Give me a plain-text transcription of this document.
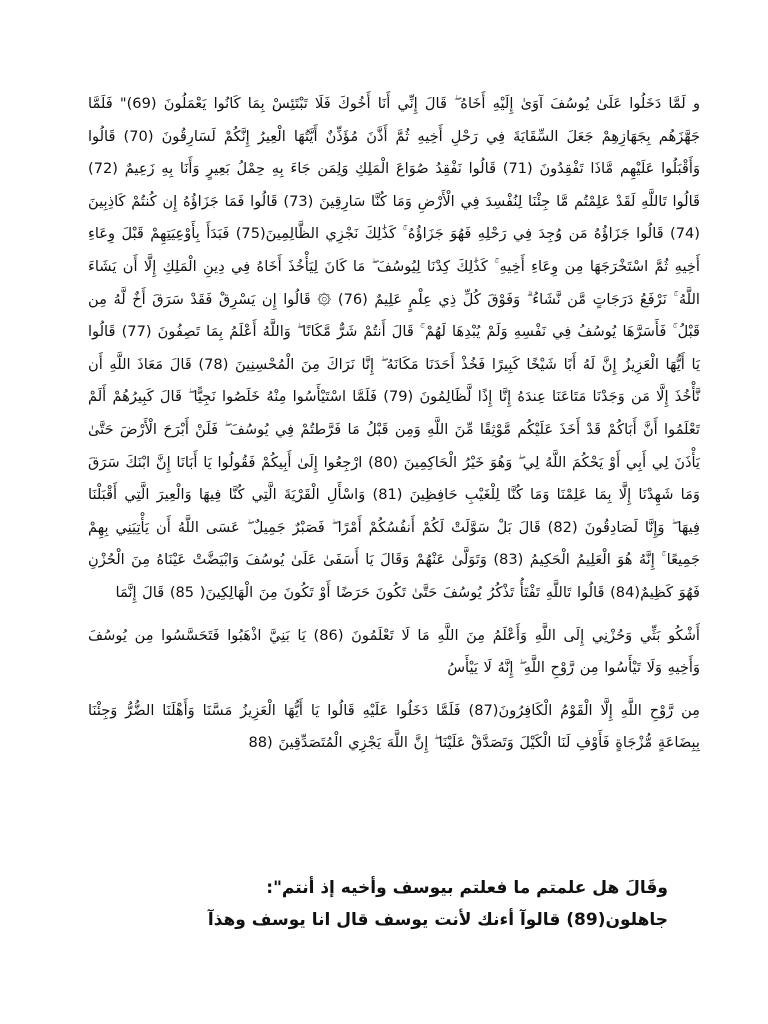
و لَمَّا دَخَلُوا عَلَىٰ يُوسُفَ آوَىٰ إِلَيْهِ أَخَاهُ ۖ قَالَ إِنِّي أَنَا أَخُوكَ فَلَا تَبْتَئِسْ بِمَا كَانُوا يَعْمَلُونَ (69)" فَلَمَّا جَهَّزَهُم بِجَهَازِهِمْ جَعَلَ السِّقَايَةَ فِي رَحْلِ أَخِيهِ ثُمَّ أَذَّنَ مُؤَذِّنٌ أَيَّتُهَا الْعِيرُ إِنَّكُمْ لَسَارِقُونَ (70) قَالُوا وَأَقْبَلُوا عَلَيْهِم مَّاذَا تَفْقِدُونَ (71) قَالُوا نَفْقِدُ صُوَاعَ الْمَلِكِ وَلِمَن جَاءَ بِهِ حِمْلُ بَعِيرٍ وَأَنَا بِهِ زَعِيمٌ (72) قَالُوا تَاللَّهِ لَقَدْ عَلِمْتُم مَّا جِئْنَا لِنُفْسِدَ فِي الْأَرْضِ وَمَا كُنَّا سَارِقِينَ (73) قَالُوا فَمَا جَزَاؤُهُ إِن كُنتُمْ كَاذِبِينَ (74) قَالُوا جَزَاؤُهُ مَن وُجِدَ فِي رَحْلِهِ فَهُوَ جَزَاؤُهُ ۚ كَذَٰلِكَ نَجْزِي الظَّالِمِينَ(75) فَبَدَأَ بِأَوْعِيَتِهِمْ قَبْلَ وِعَاءِ أَخِيهِ ثُمَّ اسْتَخْرَجَهَا مِن وِعَاءِ أَخِيهِ ۚ كَذَٰلِكَ كِدْنَا لِيُوسُفَ ۖ مَا كَانَ لِيَأْخُذَ أَخَاهُ فِي دِينِ الْمَلِكِ إِلَّا أَن يَشَاءَ اللَّهُ ۚ نَرْفَعُ دَرَجَاتٍ مَّن نَّشَاءُ ۗ وَفَوْقَ كُلِّ ذِي عِلْمٍ عَلِيمٌ (76) ۞ قَالُوا إِن يَسْرِقْ فَقَدْ سَرَقَ أَخٌ لَّهُ مِن قَبْلُ ۚ فَأَسَرَّهَا يُوسُفُ فِي نَفْسِهِ وَلَمْ يُبْدِهَا لَهُمْ ۚ قَالَ أَنتُمْ شَرٌّ مَّكَانًا ۖ وَاللَّهُ أَعْلَمُ بِمَا تَصِفُونَ (77) قَالُوا يَا أَيُّهَا الْعَزِيزُ إِنَّ لَهُ أَبًا شَيْخًا كَبِيرًا فَخُذْ أَحَدَنَا مَكَانَهُ ۖ إِنَّا نَرَاكَ مِنَ الْمُحْسِنِينَ (78) قَالَ مَعَاذَ اللَّهِ أَن نَّأْخُذَ إِلَّا مَن وَجَدْنَا مَتَاعَنَا عِندَهُ إِنَّا إِذًا لَّظَالِمُونَ (79) فَلَمَّا اسْتَيْأَسُوا مِنْهُ خَلَصُوا نَجِيًّا ۖ قَالَ كَبِيرُهُمْ أَلَمْ تَعْلَمُوا أَنَّ أَبَاكُمْ قَدْ أَخَذَ عَلَيْكُم مَّوْثِقًا مِّنَ اللَّهِ وَمِن قَبْلُ مَا فَرَّطتُمْ فِي يُوسُفَ ۖ فَلَنْ أَبْرَحَ الْأَرْضَ حَتَّىٰ يَأْذَنَ لِي أَبِي أَوْ يَحْكُمَ اللَّهُ لِي ۖ وَهُوَ خَيْرُ الْحَاكِمِينَ (80) ارْجِعُوا إِلَىٰ أَبِيكُمْ فَقُولُوا يَا أَبَانَا إِنَّ ابْنَكَ سَرَقَ وَمَا شَهِدْنَا إِلَّا بِمَا عَلِمْنَا وَمَا كُنَّا لِلْغَيْبِ حَافِظِينَ (81) وَاسْأَلِ الْقَرْيَةَ الَّتِي كُنَّا فِيهَا وَالْعِيرَ الَّتِي أَقْبَلْنَا فِيهَا ۖ وَإِنَّا لَصَادِقُونَ (82) قَالَ بَلْ سَوَّلَتْ لَكُمْ أَنفُسُكُمْ أَمْرًا ۖ فَصَبْرٌ جَمِيلٌ ۖ عَسَى اللَّهُ أَن يَأْتِيَنِي بِهِمْ جَمِيعًا ۚ إِنَّهُ هُوَ الْعَلِيمُ الْحَكِيمُ (83) وَتَوَلَّىٰ عَنْهُمْ وَقَالَ يَا أَسَفَىٰ عَلَىٰ يُوسُفَ وَابْيَضَّتْ عَيْنَاهُ مِنَ الْحُزْنِ فَهُوَ كَظِيمٌ(84) قَالُوا تَاللَّهِ تَفْتَأُ تَذْكُرُ يُوسُفَ حَتَّىٰ تَكُونَ حَرَضًا أَوْ تَكُونَ مِنَ الْهَالِكِينَ( 85) قَالَ إِنَّمَا

أَشْكُو بَثِّي وَحُزْنِي إِلَى اللَّهِ وَأَعْلَمُ مِنَ اللَّهِ مَا لَا تَعْلَمُونَ (86) يَا بَنِيَّ اذْهَبُوا فَتَحَسَّسُوا مِن يُوسُفَ وَأَخِيهِ وَلَا تَيْأَسُوا مِن رَّوْحِ اللَّهِ ۖ إِنَّهُ لَا يَيْأَسُ

مِن رَّوْحِ اللَّهِ إِلَّا الْقَوْمُ الْكَافِرُونَ(87) فَلَمَّا دَخَلُوا عَلَيْهِ قَالُوا يَا أَيُّهَا الْعَزِيزُ مَسَّنَا وَأَهْلَنَا الضُّرُّ وَجِئْنَا بِبِضَاعَةٍ مُّزْجَاةٍ فَأَوْفِ لَنَا الْكَيْلَ وَتَصَدَّقْ عَلَيْنَا ۖ إِنَّ اللَّهَ يَجْزِي الْمُتَصَدِّقِينَ (88

وقَالَ هل علمتم ما فعلتم بيوسف وأخيه إذ أنتم":
جاهلون(89) قالوآ أءنك لأنت يوسف قال انا يوسف وهذآ
